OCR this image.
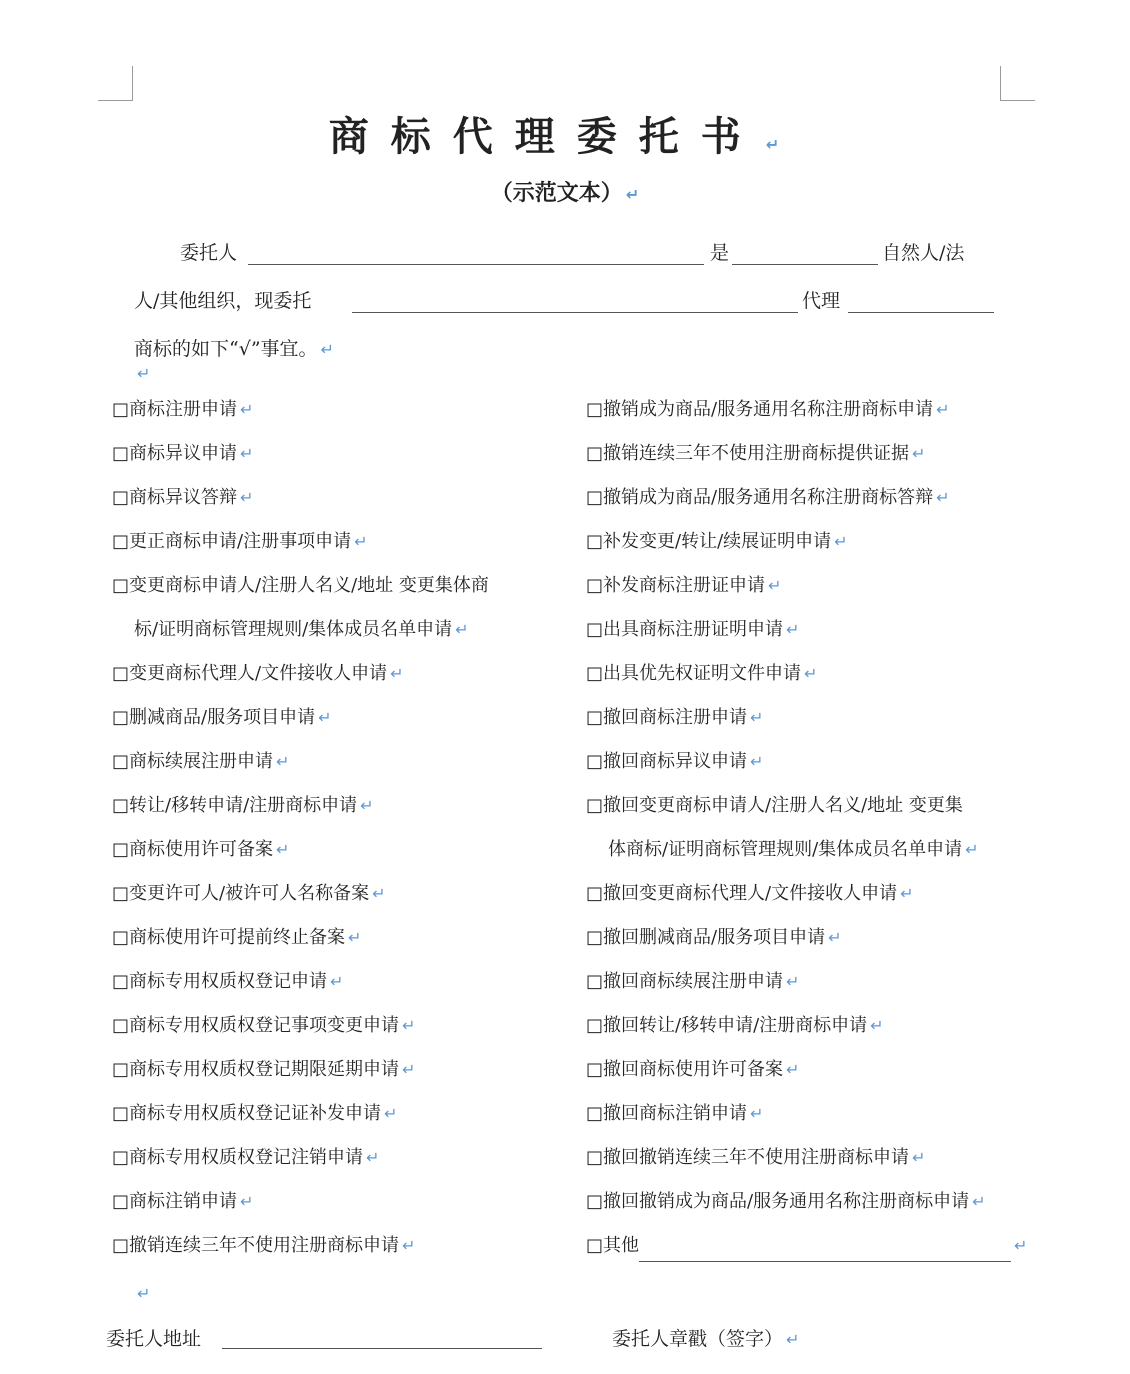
商标代理委托书 ↵
（示范文本） ↵
委托人	是	自然人/法
人/其他组织，现委托	代理
商标的如下“√”事宜。 ↵
↵
□商标注册申请 ↵
□商标异议申请 ↵
□商标异议答辩 ↵
□更正商标申请/注册事项申请 ↵
□变更商标申请人/注册人名义/地址 变更集体商
标/证明商标管理规则/集体成员名单申请 ↵
□变更商标代理人/文件接收人申请 ↵
□删减商品/服务项目申请 ↵
□商标续展注册申请 ↵
□转让/移转申请/注册商标申请 ↵
□商标使用许可备案 ↵
□变更许可人/被许可人名称备案 ↵
□商标使用许可提前终止备案 ↵
□商标专用权质权登记申请 ↵
□商标专用权质权登记事项变更申请 ↵
□商标专用权质权登记期限延期申请 ↵
□商标专用权质权登记证补发申请 ↵
□商标专用权质权登记注销申请 ↵
□商标注销申请 ↵
□撤销连续三年不使用注册商标申请 ↵
□撤销成为商品/服务通用名称注册商标申请 ↵
□撤销连续三年不使用注册商标提供证据 ↵
□撤销成为商品/服务通用名称注册商标答辩 ↵
□补发变更/转让/续展证明申请 ↵
□补发商标注册证申请 ↵
□出具商标注册证明申请 ↵
□出具优先权证明文件申请 ↵
□撤回商标注册申请 ↵
□撤回商标异议申请 ↵
□撤回变更商标申请人/注册人名义/地址 变更集
体商标/证明商标管理规则/集体成员名单申请 ↵
□撤回变更商标代理人/文件接收人申请 ↵
□撤回删减商品/服务项目申请 ↵
□撤回商标续展注册申请 ↵
□撤回转让/移转申请/注册商标申请 ↵
□撤回商标使用许可备案 ↵
□撤回商标注销申请 ↵
□撤回撤销连续三年不使用注册商标申请 ↵
□撤回撤销成为商品/服务通用名称注册商标申请 ↵
□其他	↵
↵
委托人地址	委托人章戳（签字） ↵
